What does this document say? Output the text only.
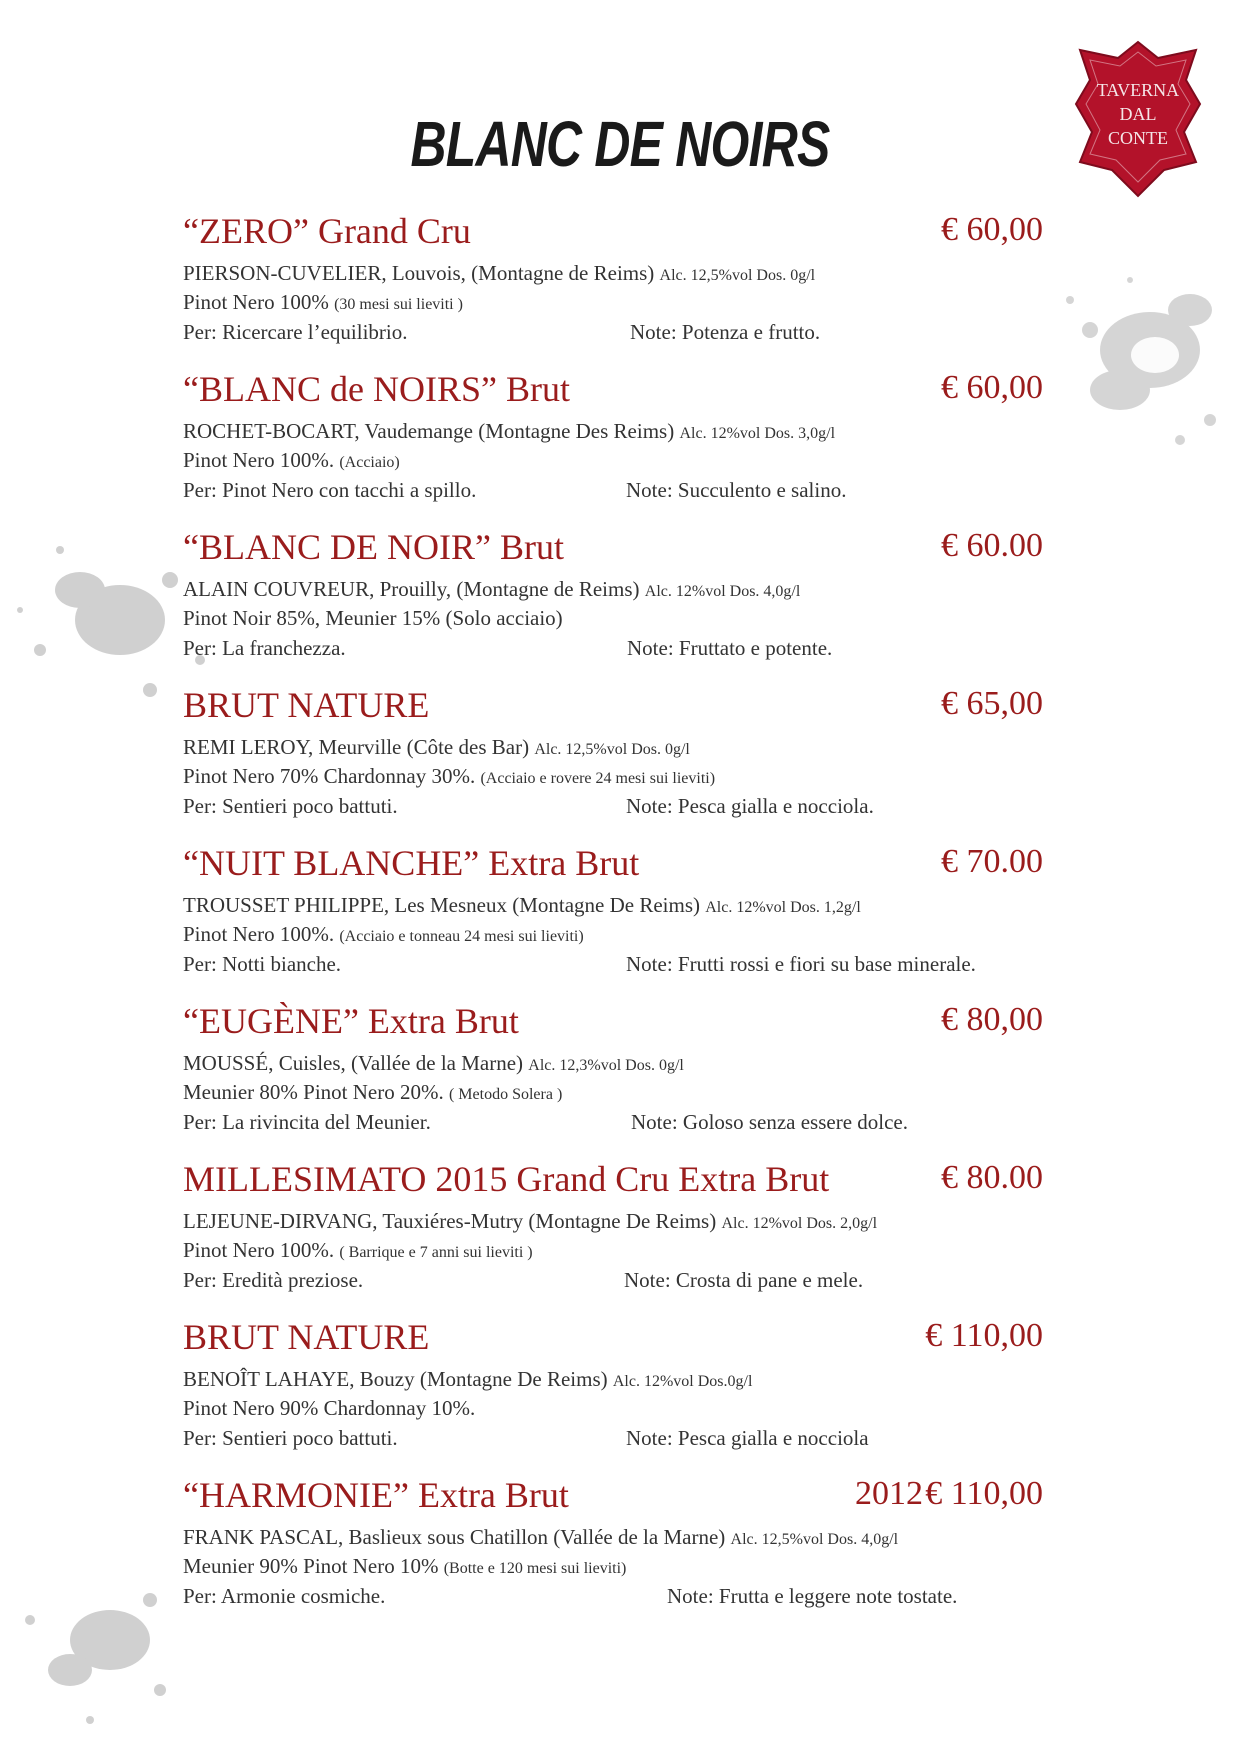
TAVERNA
DAL
CONTE
BLANC DE NOIRS
“ZERO” Grand Cru	€ 60,00
PIERSON-CUVELIER, Louvois, (Montagne de Reims) Alc. 12,5%vol Dos. 0g/l
Pinot Nero 100% (30 mesi sui lieviti )
Per: Ricercare l’equilibrio.	Note: Potenza e frutto.
“BLANC de NOIRS” Brut	€ 60,00
ROCHET-BOCART, Vaudemange (Montagne Des Reims) Alc. 12%vol Dos. 3,0g/l
Pinot Nero 100%. (Acciaio)
Per: Pinot Nero con tacchi a spillo.	Note: Succulento e salino.
“BLANC DE NOIR” Brut	€ 60.00
ALAIN COUVREUR, Prouilly, (Montagne de Reims) Alc. 12%vol Dos. 4,0g/l
Pinot Noir 85%, Meunier 15% (Solo acciaio)
Per: La franchezza.	Note: Fruttato e potente.
BRUT NATURE	€ 65,00
REMI LEROY, Meurville (Côte des Bar) Alc. 12,5%vol Dos. 0g/l
Pinot Nero 70% Chardonnay 30%. (Acciaio e rovere 24 mesi sui lieviti)
Per: Sentieri poco battuti.	Note: Pesca gialla e nocciola.
“NUIT BLANCHE” Extra Brut	€ 70.00
TROUSSET PHILIPPE, Les Mesneux (Montagne De Reims) Alc. 12%vol Dos. 1,2g/l
Pinot Nero 100%. (Acciaio e tonneau 24 mesi sui lieviti)
Per: Notti bianche.	Note: Frutti rossi e fiori su base minerale.
“EUGÈNE” Extra Brut	€ 80,00
MOUSSÉ, Cuisles, (Vallée de la Marne) Alc. 12,3%vol Dos. 0g/l
Meunier 80% Pinot Nero 20%. ( Metodo Solera )
Per: La rivincita del Meunier.	Note: Goloso senza essere dolce.
MILLESIMATO 2015 Grand Cru Extra Brut	€ 80.00
LEJEUNE-DIRVANG, Tauxiéres-Mutry (Montagne De Reims) Alc. 12%vol Dos. 2,0g/l
Pinot Nero 100%. ( Barrique e 7 anni sui lieviti )
Per: Eredità preziose.	Note: Crosta di pane e mele.
BRUT NATURE	€ 110,00
BENOÎT LAHAYE, Bouzy (Montagne De Reims) Alc. 12%vol Dos.0g/l
Pinot Nero 90% Chardonnay 10%.
Per: Sentieri poco battuti.	Note: Pesca gialla e nocciola
“HARMONIE” Extra Brut	2012 € 110,00
FRANK PASCAL, Baslieux sous Chatillon (Vallée de la Marne) Alc. 12,5%vol Dos. 4,0g/l
Meunier 90% Pinot Nero 10% (Botte e 120 mesi sui lieviti)
Per: Armonie cosmiche.	Note: Frutta e leggere note tostate.
